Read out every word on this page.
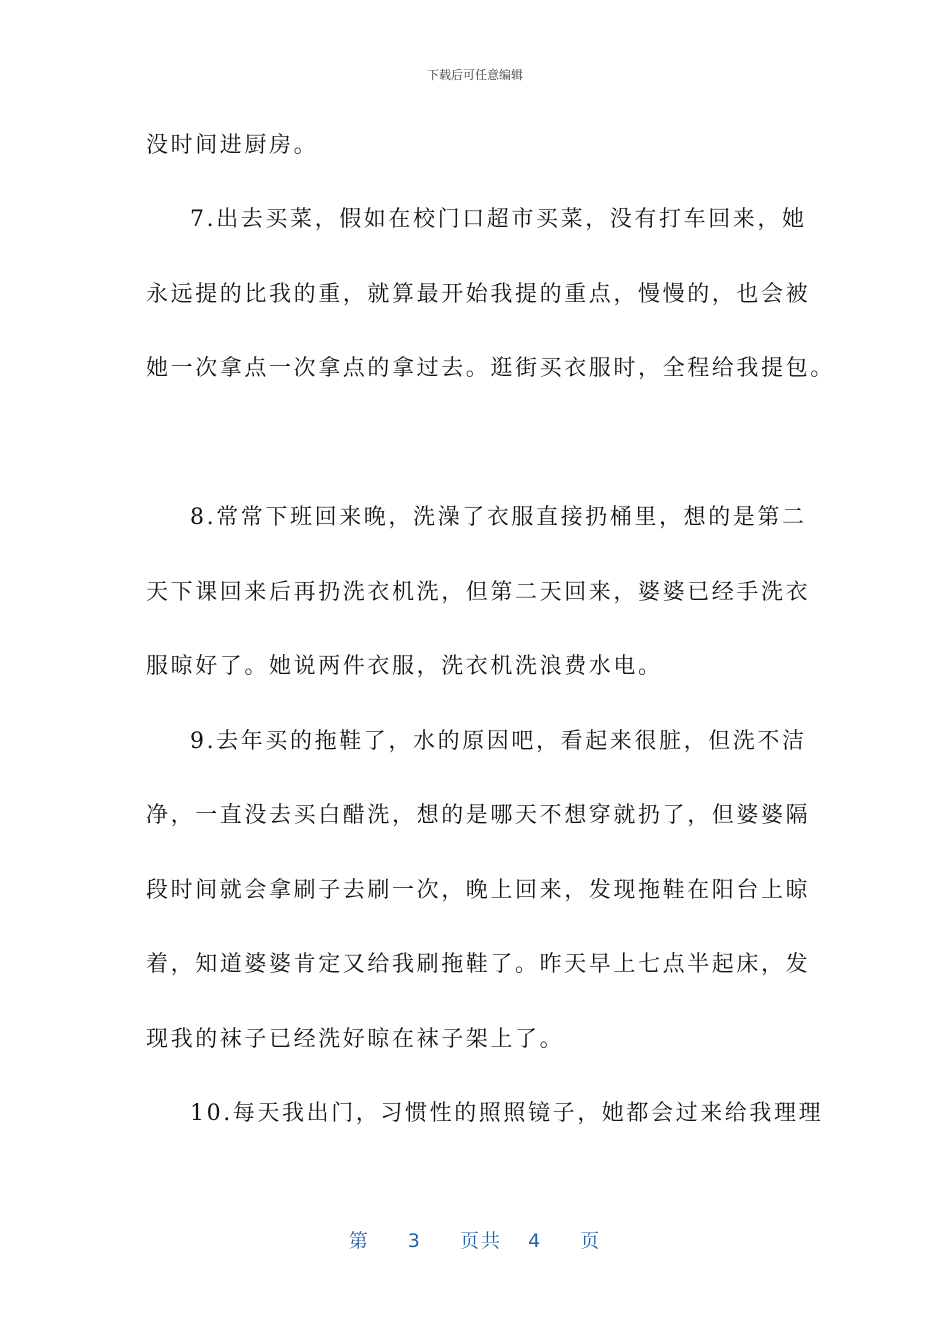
下载后可任意编辑
没时间进厨房。
7.出去买菜，假如在校门口超市买菜，没有打车回来，她
永远提的比我的重，就算最开始我提的重点，慢慢的，也会被
她一次拿点一次拿点的拿过去。逛街买衣服时，全程给我提包。
8.常常下班回来晚，洗澡了衣服直接扔桶里，想的是第二
天下课回来后再扔洗衣机洗，但第二天回来，婆婆已经手洗衣
服晾好了。她说两件衣服，洗衣机洗浪费水电。
9.去年买的拖鞋了，水的原因吧，看起来很脏，但洗不洁
净，一直没去买白醋洗，想的是哪天不想穿就扔了，但婆婆隔
段时间就会拿刷子去刷一次，晚上回来，发现拖鞋在阳台上晾
着，知道婆婆肯定又给我刷拖鞋了。昨天早上七点半起床，发
现我的袜子已经洗好晾在袜子架上了。
10.每天我出门，习惯性的照照镜子，她都会过来给我理理
第 3 页共 4 页
